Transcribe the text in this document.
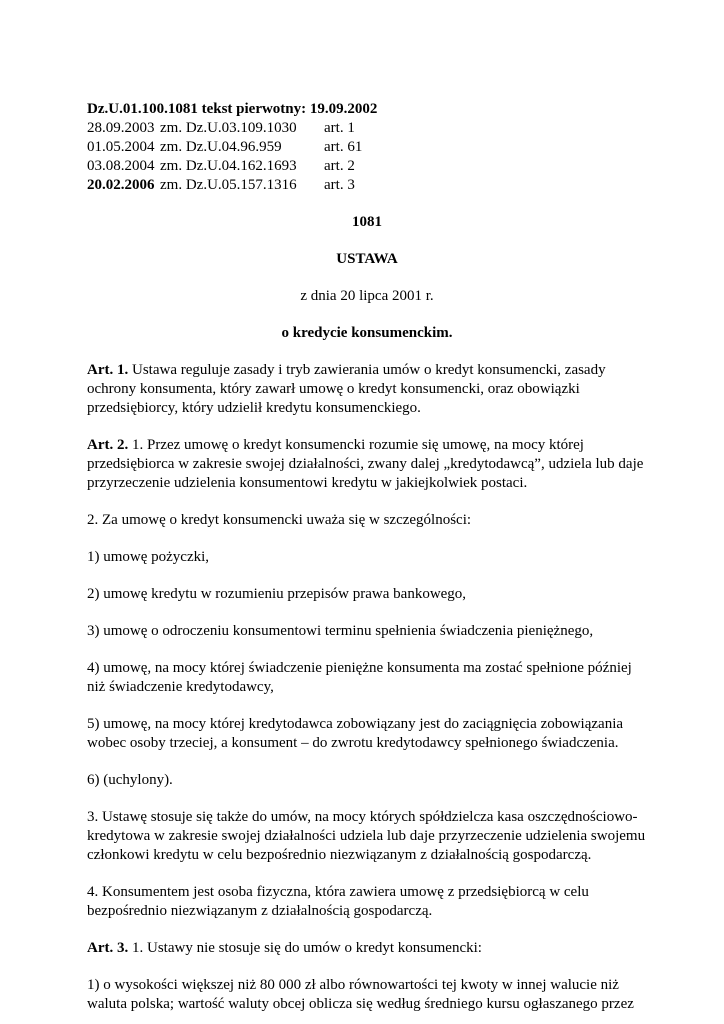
Dz.U.01.100.1081 tekst pierwotny: 19.09.2002
28.09.2003 zm. Dz.U.03.109.1030 art. 1
01.05.2004 zm. Dz.U.04.96.959	art. 61
03.08.2004 zm. Dz.U.04.162.1693 art. 2
20.02.2006 zm. Dz.U.05.157.1316 art. 3

1081

USTAWA

z dnia 20 lipca 2001 r.

o kredycie konsumenckim.

Art. 1. Ustawa reguluje zasady i tryb zawierania umów o kredyt konsumencki, zasady ochrony konsumenta, który zawarł umowę o kredyt konsumencki, oraz obowiązki przedsiębiorcy, który udzielił kredytu konsumenckiego.

Art. 2. 1. Przez umowę o kredyt konsumencki rozumie się umowę, na mocy której przedsiębiorca w zakresie swojej działalności, zwany dalej „kredytodawcą”, udziela lub daje przyrzeczenie udzielenia konsumentowi kredytu w jakiejkolwiek postaci.

2. Za umowę o kredyt konsumencki uważa się w szczególności:

1) umowę pożyczki,

2) umowę kredytu w rozumieniu przepisów prawa bankowego,

3) umowę o odroczeniu konsumentowi terminu spełnienia świadczenia pieniężnego,

4) umowę, na mocy której świadczenie pieniężne konsumenta ma zostać spełnione później niż świadczenie kredytodawcy,

5) umowę, na mocy której kredytodawca zobowiązany jest do zaciągnięcia zobowiązania wobec osoby trzeciej, a konsument – do zwrotu kredytodawcy spełnionego świadczenia.

6) (uchylony).

3. Ustawę stosuje się także do umów, na mocy których spółdzielcza kasa oszczędnościowo-kredytowa w zakresie swojej działalności udziela lub daje przyrzeczenie udzielenia swojemu członkowi kredytu w celu bezpośrednio niezwiązanym z działalnością gospodarczą.

4. Konsumentem jest osoba fizyczna, która zawiera umowę z przedsiębiorcą w celu bezpośrednio niezwiązanym z działalnością gospodarczą.

Art. 3. 1. Ustawy nie stosuje się do umów o kredyt konsumencki:

1) o wysokości większej niż 80 000 zł albo równowartości tej kwoty w innej walucie niż waluta polska; wartość waluty obcej oblicza się według średniego kursu ogłaszanego przez
